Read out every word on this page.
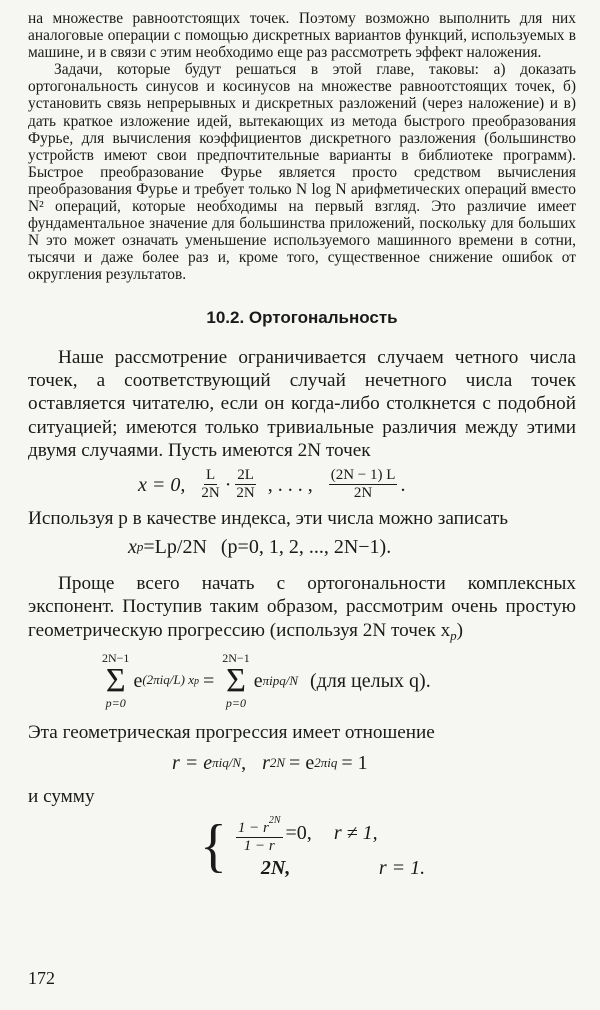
на множестве равноотстоящих точек. Поэтому возможно выполнить для них аналоговые операции с помощью дискретных вариантов функций, используемых в машине, и в связи с этим необходимо еще раз рассмотреть эффект наложения.

Задачи, которые будут решаться в этой главе, таковы: а) доказать ортогональность синусов и косинусов на множестве равноотстоящих точек, б) установить связь непрерывных и дискретных разложений (через наложение) и в) дать краткое изложение идей, вытекающих из метода быстрого преобразования Фурье, для вычисления коэффициентов дискретного разложения (большинство устройств имеют свои предпочтительные варианты в библиотеке программ). Быстрое преобразование Фурье является просто средством вычисления преобразования Фурье и требует только N log N арифметических операций вместо N² операций, которые необходимы на первый взгляд. Это различие имеет фундаментальное значение для большинства приложений, поскольку для больших N это может означать уменьшение используемого машинного времени в сотни, тысячи и даже более раз и, кроме того, существенное снижение ошибок от округления результатов.

10.2. Ортогональность

Наше рассмотрение ограничивается случаем четного числа точек, а соответствующий случай нечетного числа точек оставляется читателю, если он когда-либо столкнется с подобной ситуацией; имеются только тривиальные различия между этими двумя случаями. Пусть имеются 2N точек

x = 0, $\frac{L}{2N} \cdot \frac{2L}{2N}$ , . . . , $\frac{(2N - 1) L}{2N}$ .

Используя p в качестве индекса, эти числа можно записать

x p =Lp/2N (p=0, 1, 2, ..., 2N−1).

Проще всего начать с ортогональности комплексных экспонент. Поступив таким образом, рассмотрим очень простую геометрическую прогрессию (используя 2N точек $x_p$)

2N−1
Σ
p=0
e (2πiq/L) xp =
2N−1
Σ
p=0
e πipq/N (для целых q).

Эта геометрическая прогрессия имеет отношение

r = e πiq/N , r 2N = e 2πiq = 1

и сумму

{ $\frac{1 - r^{2N}}{1 - r} =0$, r ≠ 1,
2N,	r = 1.
172
